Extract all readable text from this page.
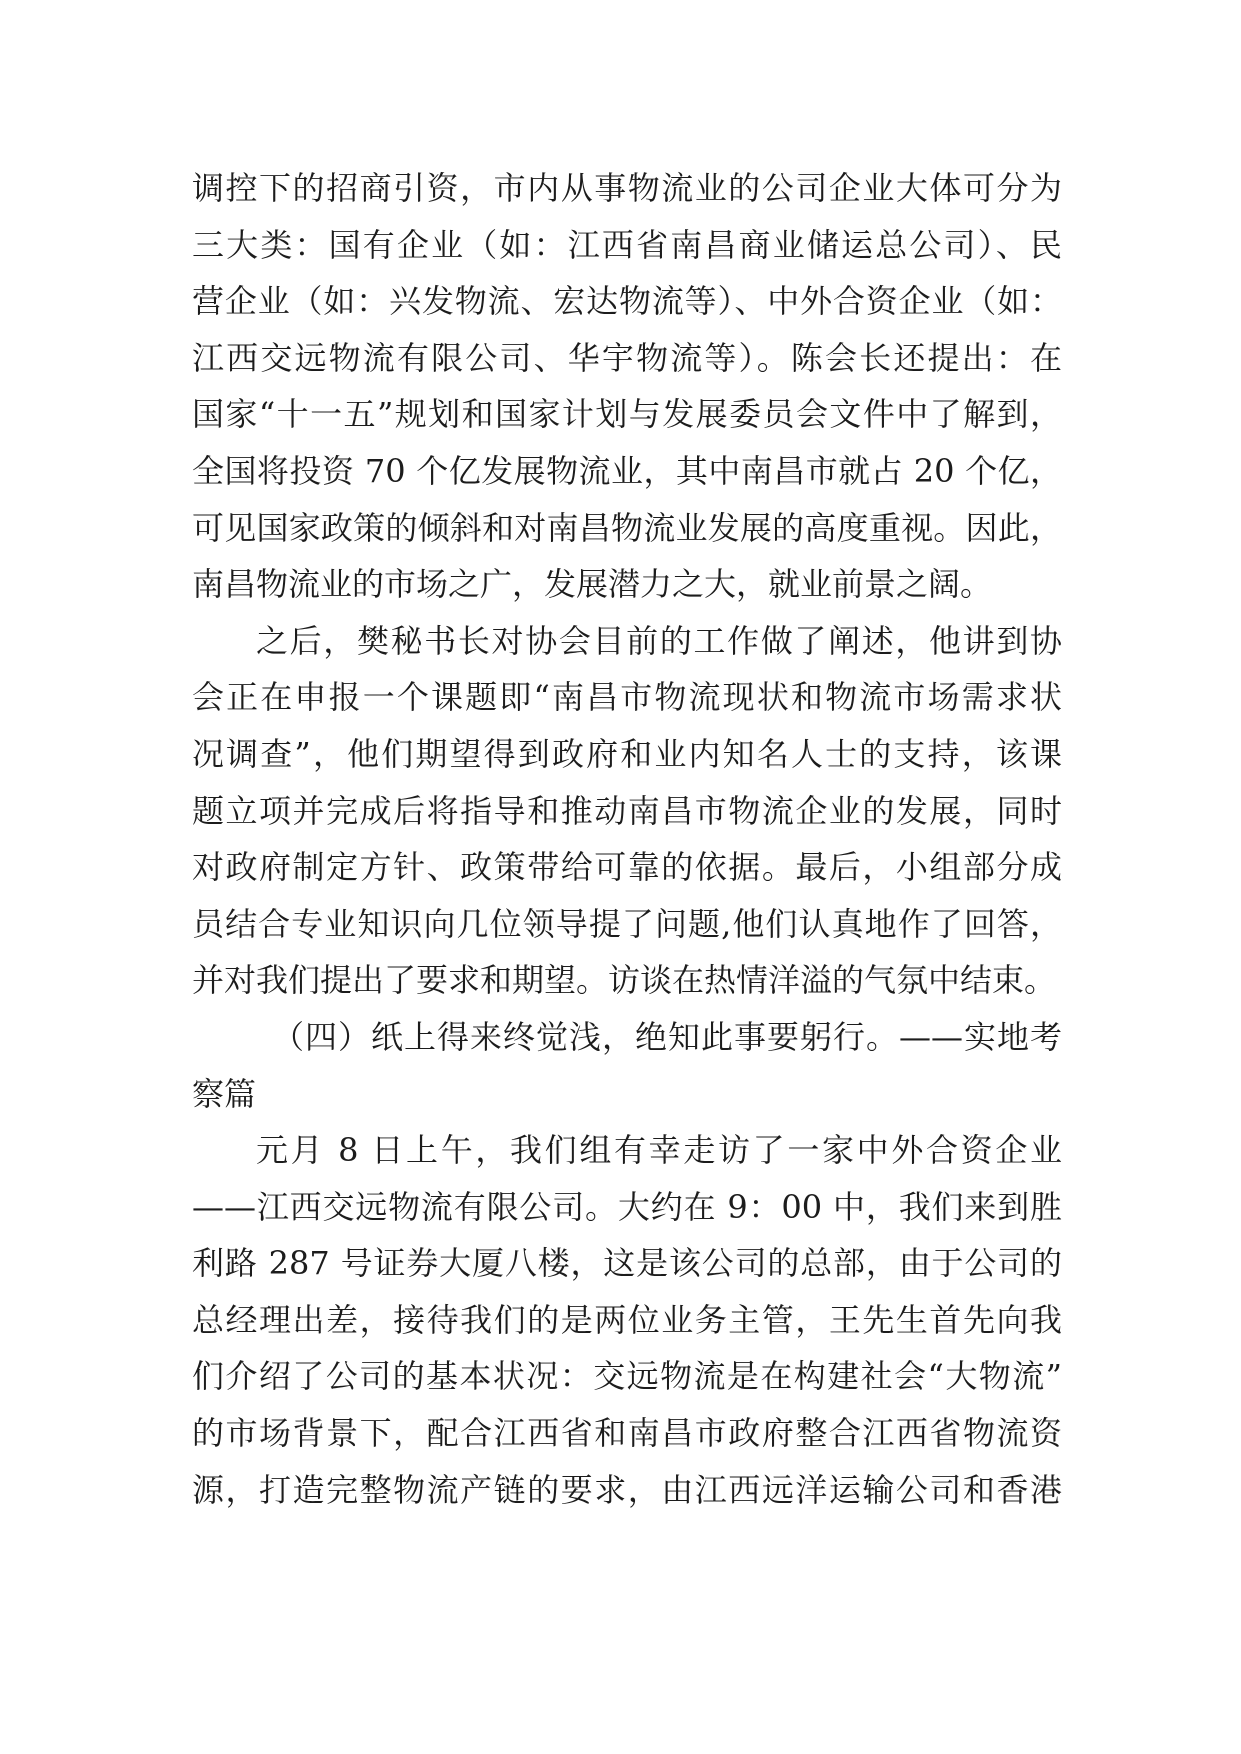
调控下的招商引资，市内从事物流业的公司企业大体可分为
三大类：国有企业（如：江西省南昌商业储运总公司）、民
营企业（如：兴发物流、宏达物流等）、中外合资企业（如：
江西交远物流有限公司、华宇物流等）。陈会长还提出：在
国家“十一五”规划和国家计划与发展委员会文件中了解到，
全国将投资 70 个亿发展物流业，其中南昌市就占 20 个亿，
可见国家政策的倾斜和对南昌物流业发展的高度重视。因此，
南昌物流业的市场之广，发展潜力之大，就业前景之阔。
之后，樊秘书长对协会目前的工作做了阐述，他讲到协
会正在申报一个课题即“南昌市物流现状和物流市场需求状
况调查”，他们期望得到政府和业内知名人士的支持，该课
题立项并完成后将指导和推动南昌市物流企业的发展，同时
对政府制定方针、政策带给可靠的依据。最后，小组部分成
员结合专业知识向几位领导提了问题,他们认真地作了回答，
并对我们提出了要求和期望。访谈在热情洋溢的气氛中结束。
（四）纸上得来终觉浅，绝知此事要躬行。——实地考
察篇
元月 8 日上午，我们组有幸走访了一家中外合资企业
——江西交远物流有限公司。大约在 9：00 中，我们来到胜
利路 287 号证券大厦八楼，这是该公司的总部，由于公司的
总经理出差，接待我们的是两位业务主管，王先生首先向我
们介绍了公司的基本状况：交远物流是在构建社会“大物流”
的市场背景下，配合江西省和南昌市政府整合江西省物流资
源，打造完整物流产链的要求，由江西远洋运输公司和香港
